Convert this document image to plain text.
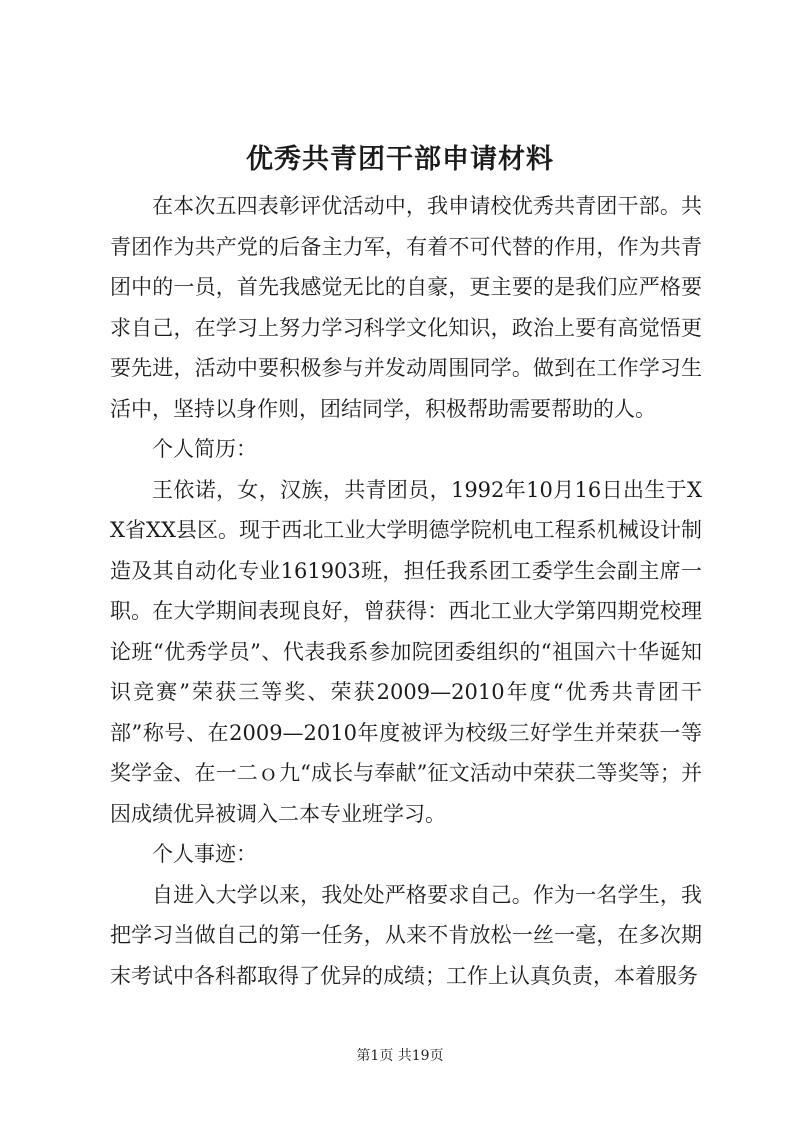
优秀共青团干部申请材料

在本次五四表彰评优活动中，我申请校优秀共青团干部。共青团作为共产党的后备主力军，有着不可代替的作用，作为共青团中的一员，首先我感觉无比的自豪，更主要的是我们应严格要求自己，在学习上努力学习科学文化知识，政治上要有高觉悟更要先进，活动中要积极参与并发动周围同学。做到在工作学习生活中，坚持以身作则，团结同学，积极帮助需要帮助的人。

个人简历：

王依诺，女，汉族，共青团员，1992年10月16日出生于XX省XX县区。现于西北工业大学明德学院机电工程系机械设计制造及其自动化专业161903班，担任我系团工委学生会副主席一职。在大学期间表现良好，曾获得：西北工业大学第四期党校理论班“优秀学员”、代表我系参加院团委组织的“祖国六十华诞知识竞赛”荣获三等奖、荣获2009—2010年度“优秀共青团干部”称号、在2009—2010年度被评为校级三好学生并荣获一等奖学金、在一二ｏ九“成长与奉献”征文活动中荣获二等奖等；并因成绩优异被调入二本专业班学习。

个人事迹：

自进入大学以来，我处处严格要求自己。作为一名学生，我把学习当做自己的第一任务，从来不肯放松一丝一毫，在多次期末考试中各科都取得了优异的成绩；工作上认真负责，本着服务

第1页 共19页
